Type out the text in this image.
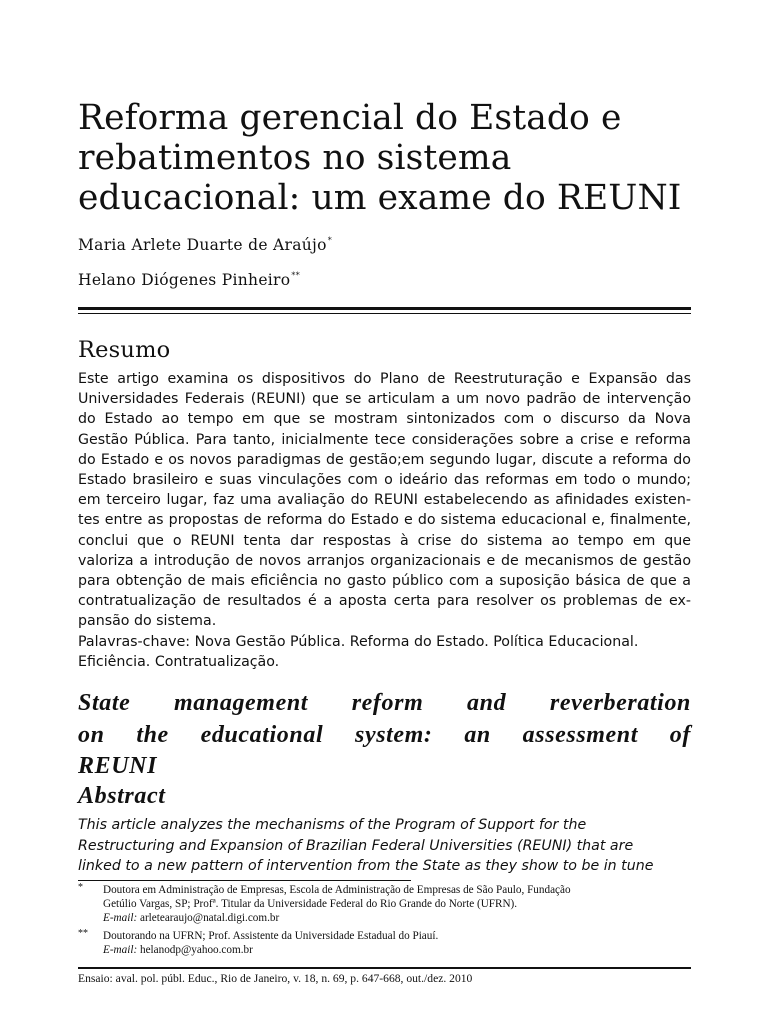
Reforma gerencial do Estado e
rebatimentos no sistema
educacional: um exame do REUNI
Maria Arlete Duarte de Araújo*
Helano Diógenes Pinheiro**
Resumo
Este artigo examina os dispositivos do Plano de Reestruturação e Expansão das
Universidades Federais (REUNI) que se articulam a um novo padrão de intervenção
do Estado ao tempo em que se mostram sintonizados com o discurso da Nova
Gestão Pública. Para tanto, inicialmente tece considerações sobre a crise e reforma
do Estado e os novos paradigmas de gestão;em segundo lugar, discute a reforma do
Estado brasileiro e suas vinculações com o ideário das reformas em todo o mundo;
em terceiro lugar, faz uma avaliação do REUNI estabelecendo as afinidades existen-
tes entre as propostas de reforma do Estado e do sistema educacional e, finalmente,
conclui que o REUNI tenta dar respostas à crise do sistema ao tempo em que
valoriza a introdução de novos arranjos organizacionais e de mecanismos de gestão
para obtenção de mais eficiência no gasto público com a suposição básica de que a
contratualização de resultados é a aposta certa para resolver os problemas de ex-
pansão do sistema.
Palavras-chave: Nova Gestão Pública. Reforma do Estado. Política Educacional.
Eficiência. Contratualização.
State management reform and reverberation
on the educational system: an assessment of
REUNI
Abstract
This article analyzes the mechanisms of the Program of Support for the
Restructuring and Expansion of Brazilian Federal Universities (REUNI) that are
linked to a new pattern of intervention from the State as they show to be in tune
* Doutora em Administração de Empresas, Escola de Administração de Empresas de São Paulo, Fundação
Getúlio Vargas, SP; Profª. Titular da Universidade Federal do Rio Grande do Norte (UFRN).
E-mail: arletearaujo@natal.digi.com.br
** Doutorando na UFRN; Prof. Assistente da Universidade Estadual do Piauí.
E-mail: helanodp@yahoo.com.br
Ensaio: aval. pol. públ. Educ., Rio de Janeiro, v. 18, n. 69, p. 647-668, out./dez. 2010
